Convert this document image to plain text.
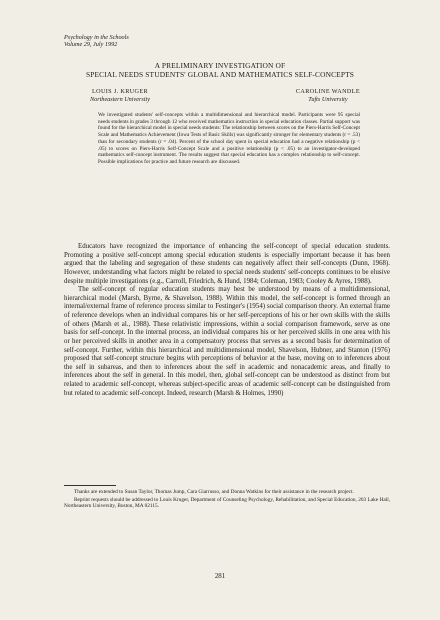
Psychology in the Schools
Volume 29, July 1992
A PRELIMINARY INVESTIGATION OF
SPECIAL NEEDS STUDENTS' GLOBAL AND MATHEMATICS SELF-CONCEPTS
LOUIS J. KRUGER
Northeastern University
CAROLINE WANDLE
Tufts University
We investigated students' self-concepts within a multidimensional and hierarchical model. Participants were 95 special needs students in grades 3 through 12 who received mathematics instruction in special education classes. Partial support was found for the hierarchical model in special needs students: The relationship between scores on the Piers-Harris Self-Concept Scale and Mathematics Achievement (Iowa Tests of Basic Skills) was significantly stronger for elementary students (r = .53) than for secondary students (r = .04). Percent of the school day spent in special education had a negative relationship (p < .05) to scores on Piers-Harris Self-Concept Scale and a positive relationship (p < .05) to an investigator-developed mathematics self-concept instrument. The results suggest that special education has a complex relationship to self-concept. Possible implications for practice and future research are discussed.

Educators have recognized the importance of enhancing the self-concept of special education students. Promoting a positive self-concept among special education students is especially important because it has been argued that the labeling and segregation of these students can negatively affect their self-concepts (Dunn, 1968). However, understanding what factors might be related to special needs students' self-concepts continues to be elusive despite multiple investigations (e.g., Carroll, Friedrich, & Hund, 1984; Coleman, 1983; Cooley & Ayres, 1988).

The self-concept of regular education students may best be understood by means of a multidimensional, hierarchical model (Marsh, Byrne, & Shavelson, 1988). Within this model, the self-concept is formed through an internal/external frame of reference process similar to Festinger's (1954) social comparison theory. An external frame of reference develops when an individual compares his or her self-perceptions of his or her own skills with the skills of others (Marsh et al., 1988). These relativistic impressions, within a social comparison framework, serve as one basis for self-concept. In the internal process, an individual compares his or her perceived skills in one area with his or her perceived skills in another area in a compensatory process that serves as a second basis for determination of self-concept. Further, within this hierarchical and multidimensional model, Shavelson, Hubner, and Stanton (1976) proposed that self-concept structure begins with perceptions of behavior at the base, moving on to inferences about the self in subareas, and then to inferences about the self in academic and nonacademic areas, and finally to inferences about the self in general. In this model, then, global self-concept can be understood as distinct from but related to academic self-concept, whereas subject-specific areas of academic self-concept can be distinguished from but related to academic self-concept. Indeed, research (Marsh & Holmes, 1990)

Thanks are extended to Susan Taylor, Thomas Jump, Cara Giarrusso, and Donna Watkins for their assistance in the research project.

Reprint requests should be addressed to Louis Kruger, Department of Counseling Psychology, Rehabilitation, and Special Education, 203 Lake Hall, Northeastern University, Boston, MA 02115.

281
